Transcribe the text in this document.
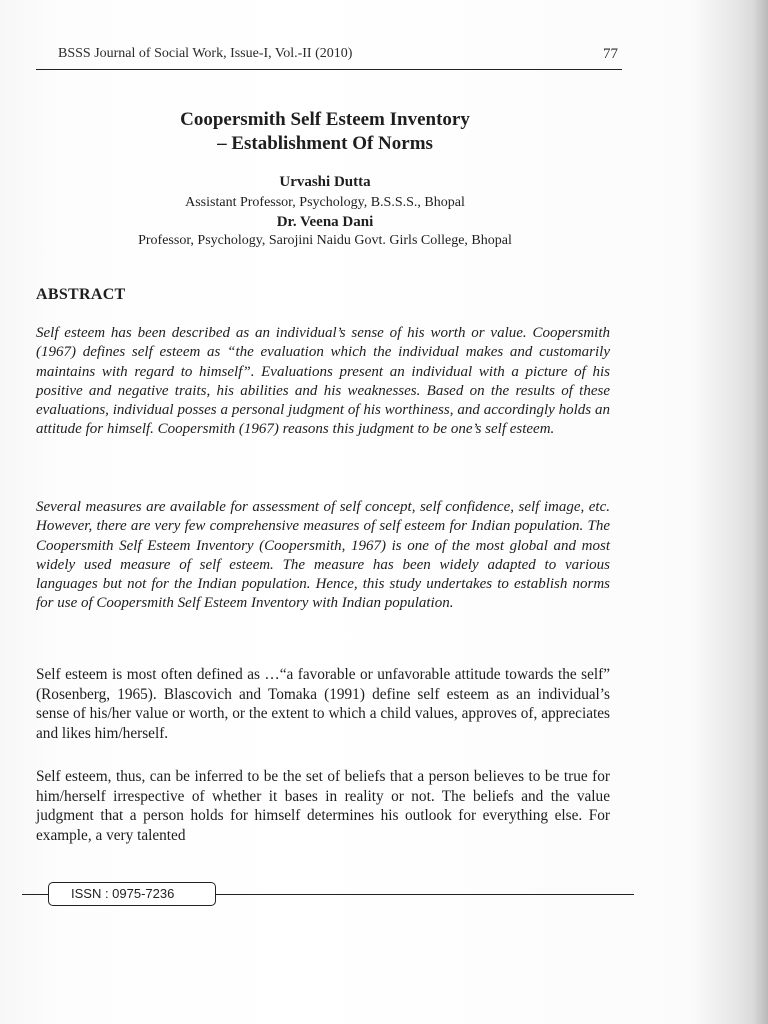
BSSS Journal of Social Work, Issue-I, Vol.-II (2010)	77
Coopersmith Self Esteem Inventory
– Establishment Of Norms
Urvashi Dutta
Assistant Professor, Psychology, B.S.S.S., Bhopal
Dr. Veena Dani
Professor, Psychology, Sarojini Naidu Govt. Girls College, Bhopal
ABSTRACT

Self esteem has been described as an individual’s sense of his worth or value. Coopersmith (1967) defines self esteem as “the evaluation which the individual makes and customarily maintains with regard to himself”. Evaluations present an individual with a picture of his positive and negative traits, his abilities and his weaknesses. Based on the results of these evaluations, individual posses a personal judgment of his worthiness, and accordingly holds an attitude for himself. Coopersmith (1967) reasons this judgment to be one’s self esteem.

Several measures are available for assessment of self concept, self confidence, self image, etc. However, there are very few comprehensive measures of self esteem for Indian population. The Coopersmith Self Esteem Inventory (Coopersmith, 1967) is one of the most global and most widely used measure of self esteem. The measure has been widely adapted to various languages but not for the Indian population. Hence, this study undertakes to establish norms for use of Coopersmith Self Esteem Inventory with Indian population.

Self esteem is most often defined as …“a favorable or unfavorable attitude towards the self” (Rosenberg, 1965). Blascovich and Tomaka (1991) define self esteem as an individual’s sense of his/her value or worth, or the extent to which a child values, approves of, appreciates and likes him/herself.

Self esteem, thus, can be inferred to be the set of beliefs that a person believes to be true for him/herself irrespective of whether it bases in reality or not. The beliefs and the value judgment that a person holds for himself determines his outlook for everything else. For example, a very talented

ISSN : 0975-7236
